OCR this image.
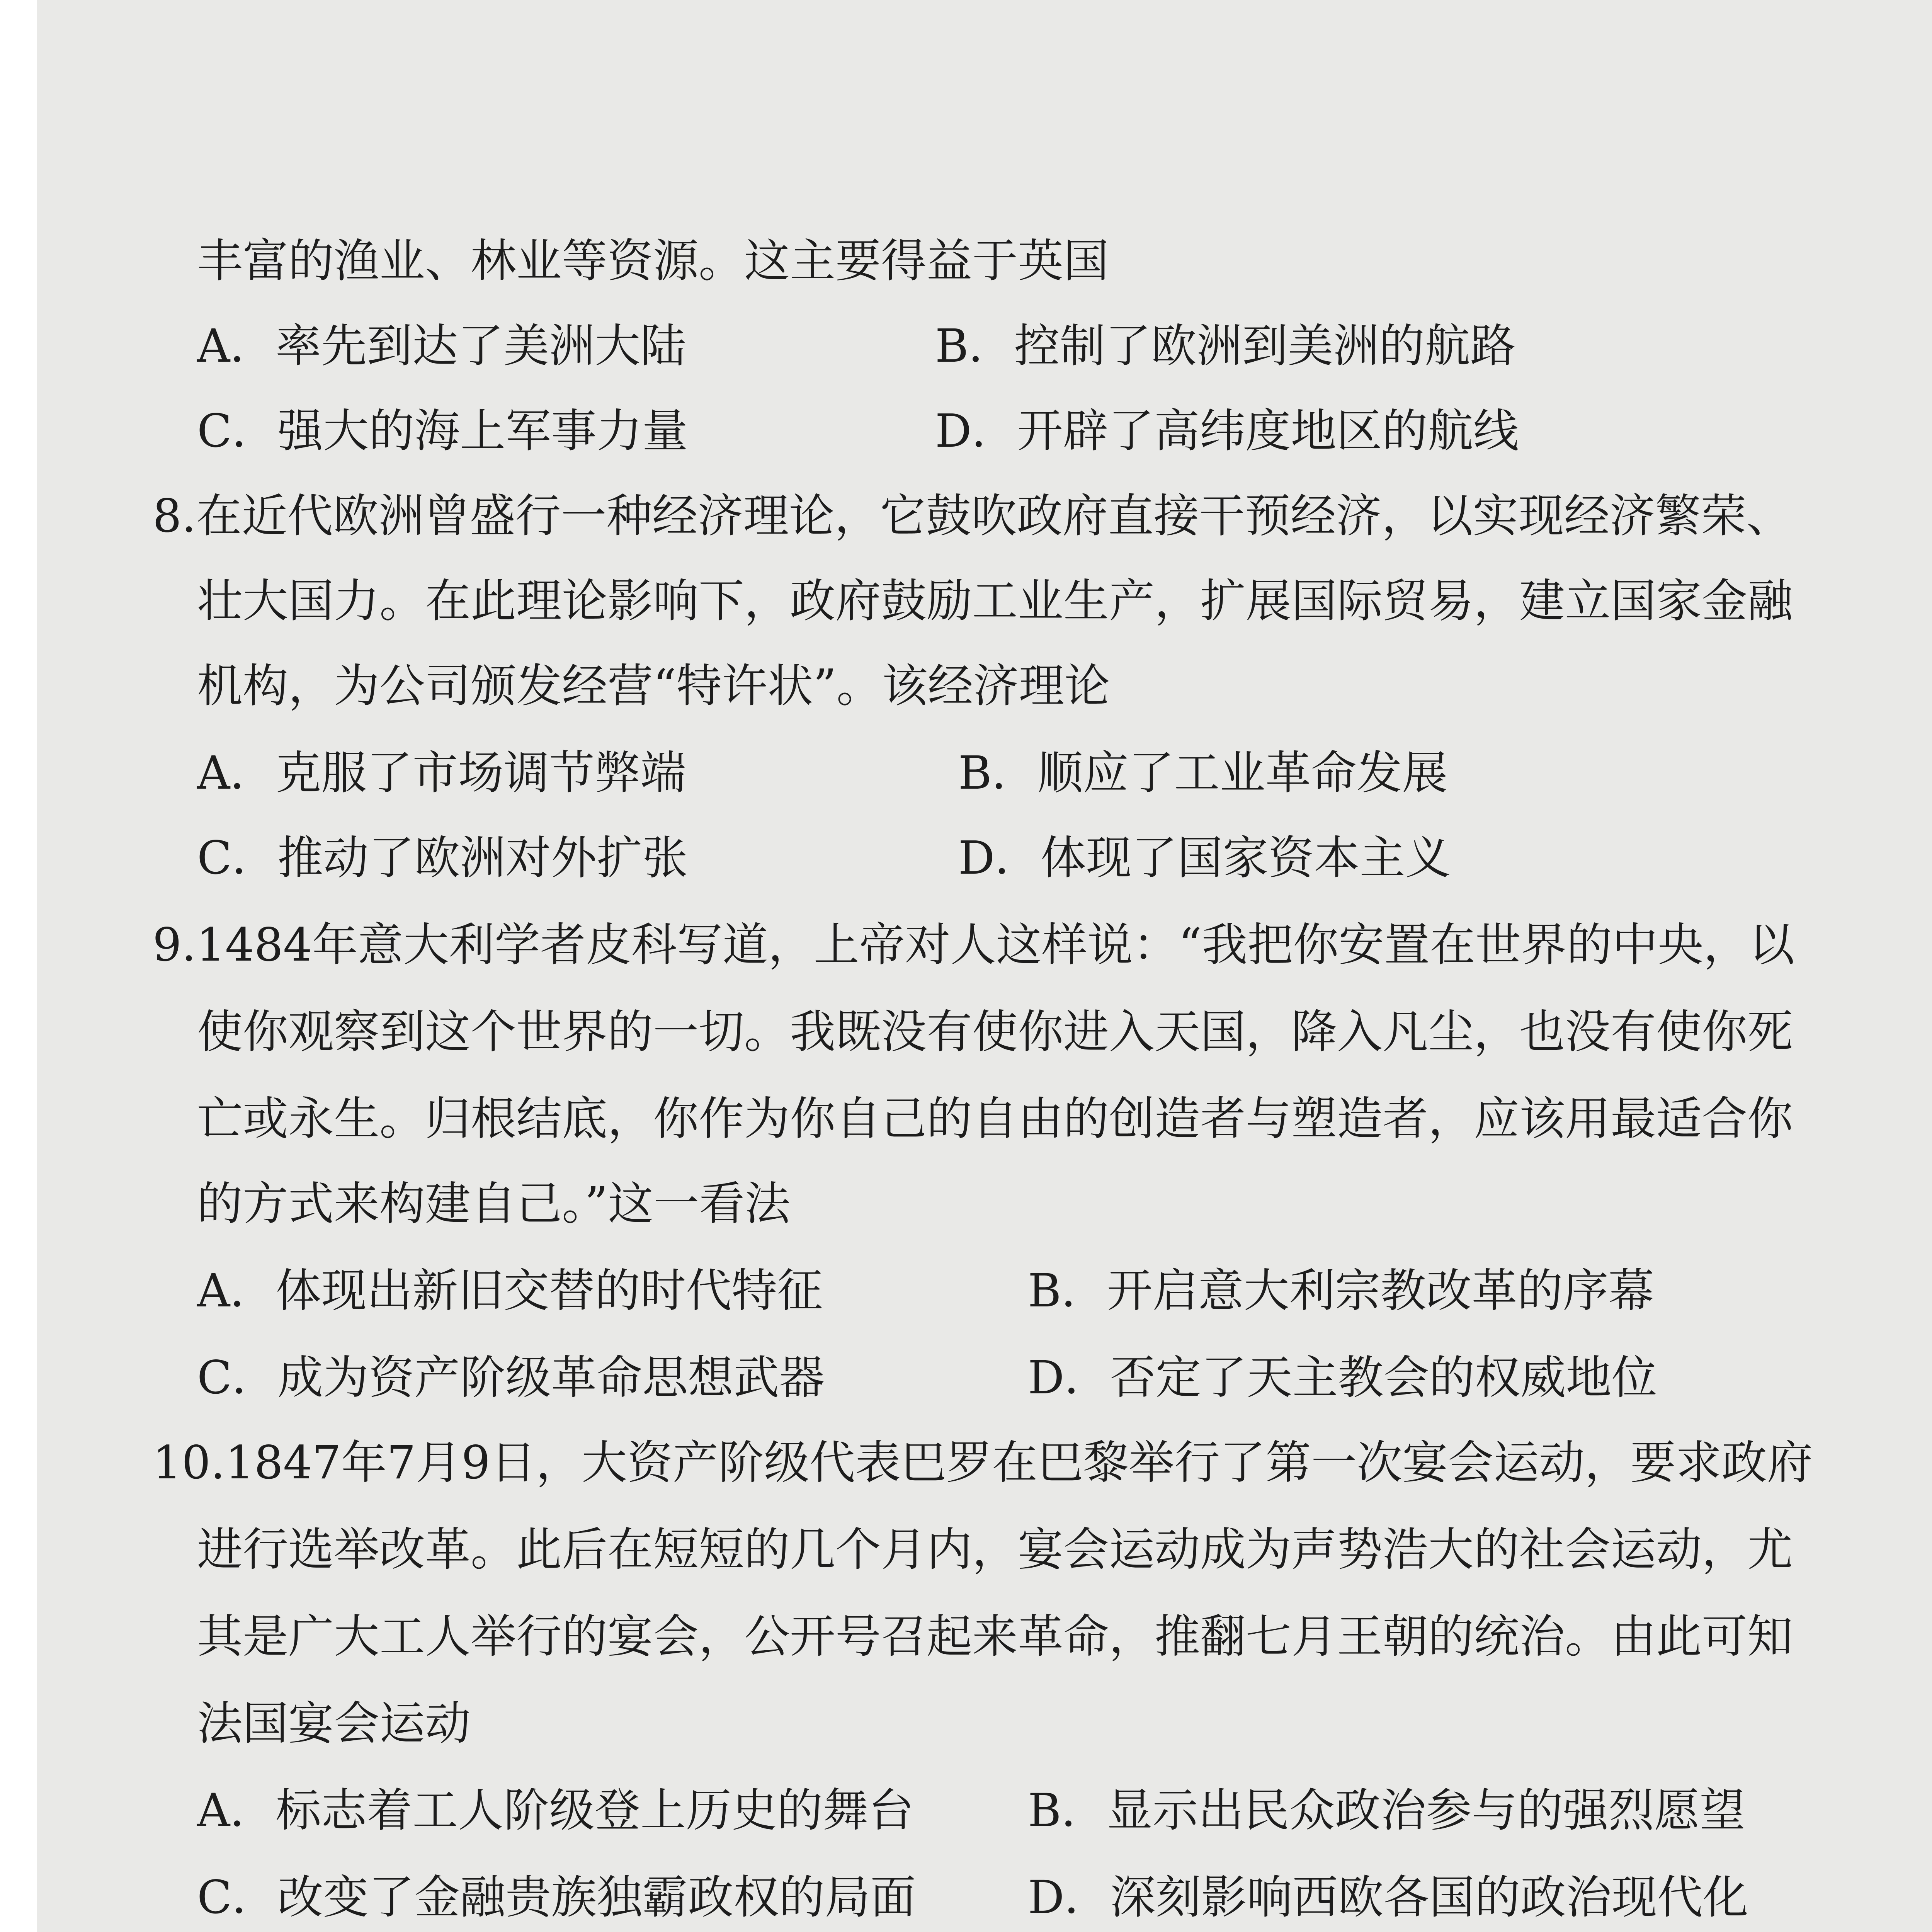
丰富的渔业、林业等资源。这主要得益于英国
A．率先到达了美洲大陆	B．控制了欧洲到美洲的航路
C．强大的海上军事力量	D．开辟了高纬度地区的航线
8.在近代欧洲曾盛行一种经济理论，它鼓吹政府直接干预经济，以实现经济繁荣、
壮大国力。在此理论影响下，政府鼓励工业生产，扩展国际贸易，建立国家金融
机构，为公司颁发经营“特许状”。该经济理论
A．克服了市场调节弊端	B．顺应了工业革命发展
C．推动了欧洲对外扩张	D．体现了国家资本主义
9.1484年意大利学者皮科写道，上帝对人这样说：“我把你安置在世界的中央，以
使你观察到这个世界的一切。我既没有使你进入天国，降入凡尘，也没有使你死
亡或永生。归根结底，你作为你自己的自由的创造者与塑造者，应该用最适合你
的方式来构建自己。”这一看法
A．体现出新旧交替的时代特征	B．开启意大利宗教改革的序幕
C．成为资产阶级革命思想武器	D．否定了天主教会的权威地位
10.1847年7月9日，大资产阶级代表巴罗在巴黎举行了第一次宴会运动，要求政府
进行选举改革。此后在短短的几个月内，宴会运动成为声势浩大的社会运动，尤
其是广大工人举行的宴会，公开号召起来革命，推翻七月王朝的统治。由此可知
法国宴会运动
A．标志着工人阶级登上历史的舞台 B．显示出民众政治参与的强烈愿望
C．改变了金融贵族独霸政权的局面 D．深刻影响西欧各国的政治现代化
